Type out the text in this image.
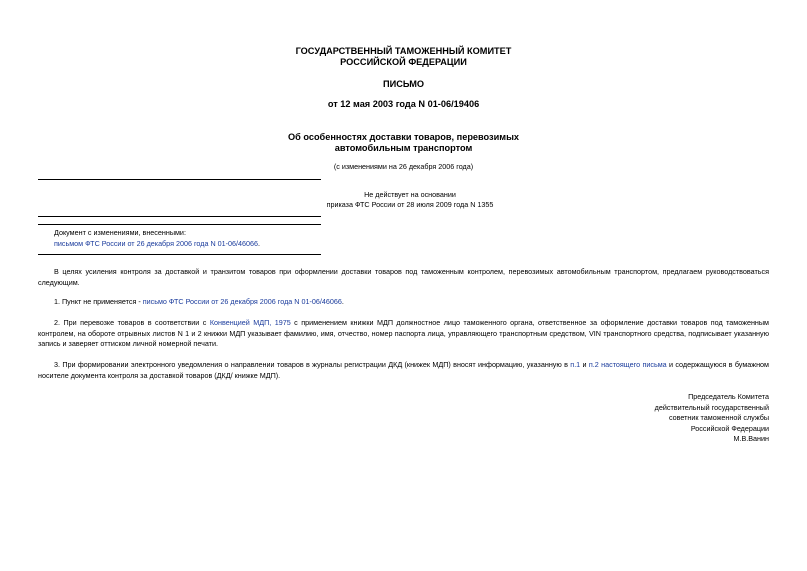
ГОСУДАРСТВЕННЫЙ ТАМОЖЕННЫЙ КОМИТЕТ
РОССИЙСКОЙ ФЕДЕРАЦИИ
ПИСЬМО
от 12 мая 2003 года N 01-06/19406
Об особенностях доставки товаров, перевозимых
автомобильным транспортом
(с изменениями на 26 декабря 2006 года)
Не действует на основании
приказа ФТС России от 28 июля 2009 года N 1355
Документ с изменениями, внесенными:
письмом ФТС России от 26 декабря 2006 года N 01-06/46066.
В целях усиления контроля за доставкой и транзитом товаров при оформлении доставки товаров под таможенным контролем, перевозимых автомобильным транспортом, предлагаем руководствоваться следующим.
1. Пункт не применяется - письмо ФТС России от 26 декабря 2006 года N 01-06/46066.
2. При перевозке товаров в соответствии с Конвенцией МДП, 1975 с применением книжки МДП должностное лицо таможенного органа, ответственное за оформление доставки товаров под таможенным контролем, на обороте отрывных листов N 1 и 2 книжки МДП указывает фамилию, имя, отчество, номер паспорта лица, управляющего транспортным средством, VIN транспортного средства, подписывает указанную запись и заверяет оттиском личной номерной печати.
3. При формировании электронного уведомления о направлении товаров в журналы регистрации ДКД (книжек МДП) вносят информацию, указанную в п.1 и п.2 настоящего письма и содержащуюся в бумажном носителе документа контроля за доставкой товаров (ДКД/ книжке МДП).
Председатель Комитета
действительный государственный
советник таможенной службы
Российской Федерации
М.В.Ванин
